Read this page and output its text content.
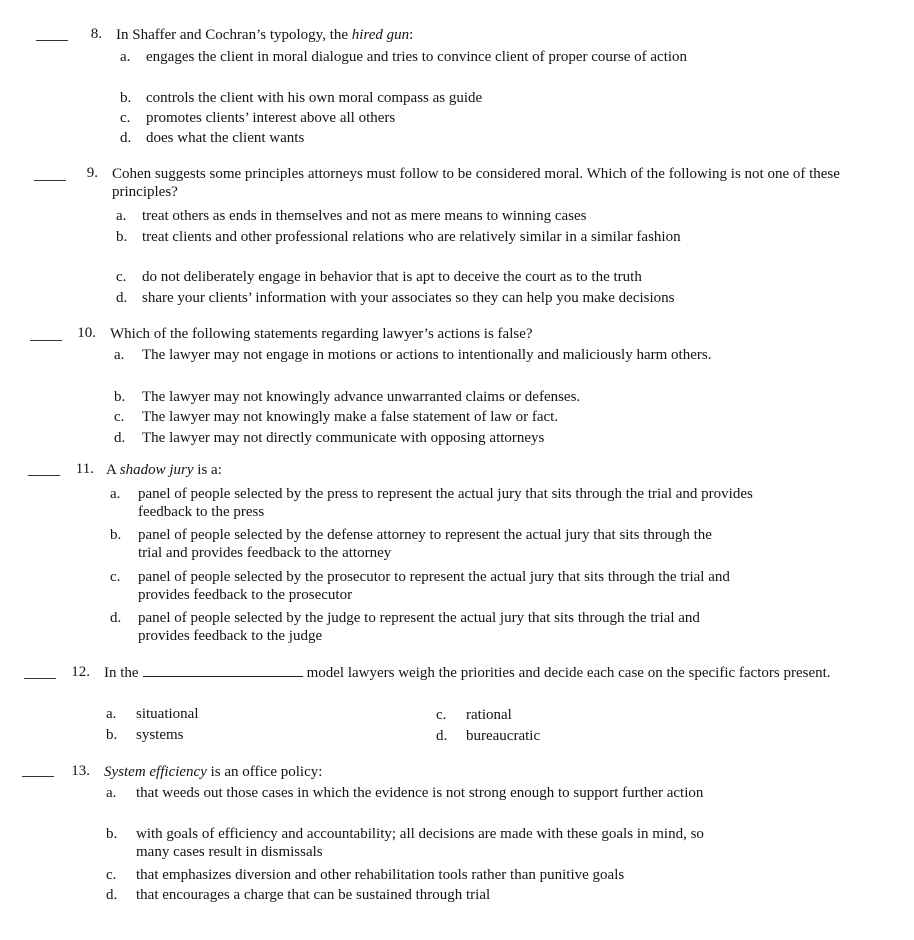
8. In Shaffer and Cochran’s typology, the hired gun:
a.	engages the client in moral dialogue and tries to convince client of proper course of action
b. controls the client with his own moral compass as guide
c.	promotes clients’ interest above all others
d. does what the client wants
9. Cohen suggests some principles attorneys must follow to be considered moral. Which of the following is not one of these principles?
a.	treat others as ends in themselves and not as mere means to winning cases
b. treat clients and other professional relations who are relatively similar in a similar fashion
c.	do not deliberately engage in behavior that is apt to deceive the court as to the truth
d. share your clients’ information with your associates so they can help you make decisions
10. Which of the following statements regarding lawyer’s actions is false?
a.	The lawyer may not engage in motions or actions to intentionally and maliciously harm others.
b.	The lawyer may not knowingly advance unwarranted claims or defenses.
c.	The lawyer may not knowingly make a false statement of law or fact.
d.	The lawyer may not directly communicate with opposing attorneys
11. A shadow jury is a:
a.	panel of people selected by the press to represent the actual jury that sits through the trial and provides feedback to the press
b.	panel of people selected by the defense attorney to represent the actual jury that sits through the trial and provides feedback to the attorney
c.	panel of people selected by the prosecutor to represent the actual jury that sits through the trial and provides feedback to the prosecutor
d.	panel of people selected by the judge to represent the actual jury that sits through the trial and provides feedback to the judge
12. In the	model lawyers weigh the priorities and decide each case on the specific factors present.
a.	situational
b.	systems
c.	rational
d.	bureaucratic
13. System efficiency is an office policy:
a.	that weeds out those cases in which the evidence is not strong enough to support further action
b.	with goals of efficiency and accountability; all decisions are made with these goals in mind, so many cases result in dismissals
c.	that emphasizes diversion and other rehabilitation tools rather than punitive goals
d.	that encourages a charge that can be sustained through trial
